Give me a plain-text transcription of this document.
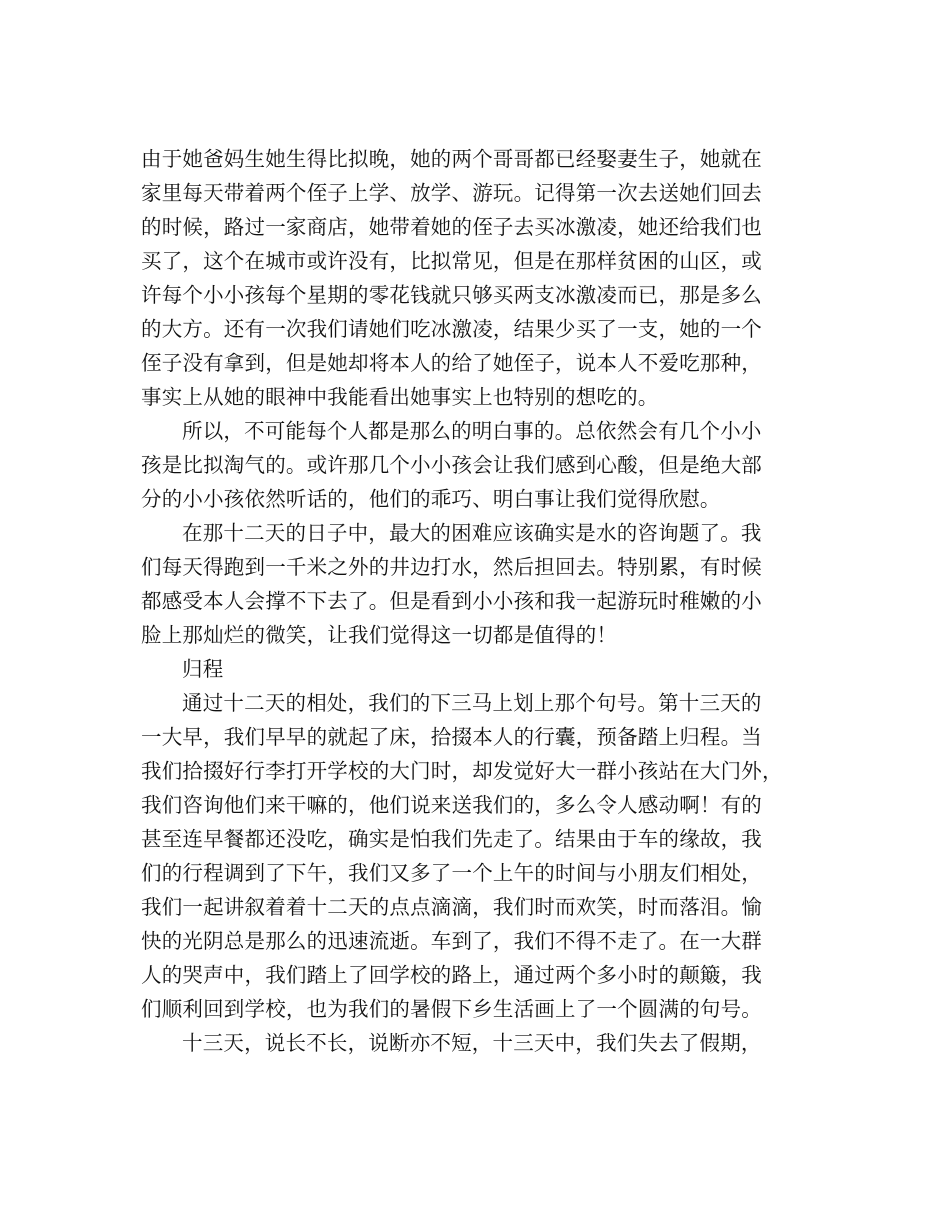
由于她爸妈生她生得比拟晚，她的两个哥哥都已经娶妻生子，她就在
家里每天带着两个侄子上学、放学、游玩。记得第一次去送她们回去
的时候，路过一家商店，她带着她的侄子去买冰激凌，她还给我们也
买了，这个在城市或许没有，比拟常见，但是在那样贫困的山区，或
许每个小小孩每个星期的零花钱就只够买两支冰激凌而已，那是多么
的大方。还有一次我们请她们吃冰激凌，结果少买了一支，她的一个
侄子没有拿到，但是她却将本人的给了她侄子，说本人不爱吃那种，
事实上从她的眼神中我能看出她事实上也特别的想吃的。
所以，不可能每个人都是那么的明白事的。总依然会有几个小小
孩是比拟淘气的。或许那几个小小孩会让我们感到心酸，但是绝大部
分的小小孩依然听话的，他们的乖巧、明白事让我们觉得欣慰。
在那十二天的日子中，最大的困难应该确实是水的咨询题了。我
们每天得跑到一千米之外的井边打水，然后担回去。特别累，有时候
都感受本人会撑不下去了。但是看到小小孩和我一起游玩时稚嫩的小
脸上那灿烂的微笑，让我们觉得这一切都是值得的！
归程
通过十二天的相处，我们的下三马上划上那个句号。第十三天的
一大早，我们早早的就起了床，拾掇本人的行囊，预备踏上归程。当
我们拾掇好行李打开学校的大门时，却发觉好大一群小孩站在大门外，
我们咨询他们来干嘛的，他们说来送我们的，多么令人感动啊！有的
甚至连早餐都还没吃，确实是怕我们先走了。结果由于车的缘故，我
们的行程调到了下午，我们又多了一个上午的时间与小朋友们相处，
我们一起讲叙着着十二天的点点滴滴，我们时而欢笑，时而落泪。愉
快的光阴总是那么的迅速流逝。车到了，我们不得不走了。在一大群
人的哭声中，我们踏上了回学校的路上，通过两个多小时的颠簸，我
们顺利回到学校，也为我们的暑假下乡生活画上了一个圆满的句号。
十三天，说长不长，说断亦不短，十三天中，我们失去了假期，
